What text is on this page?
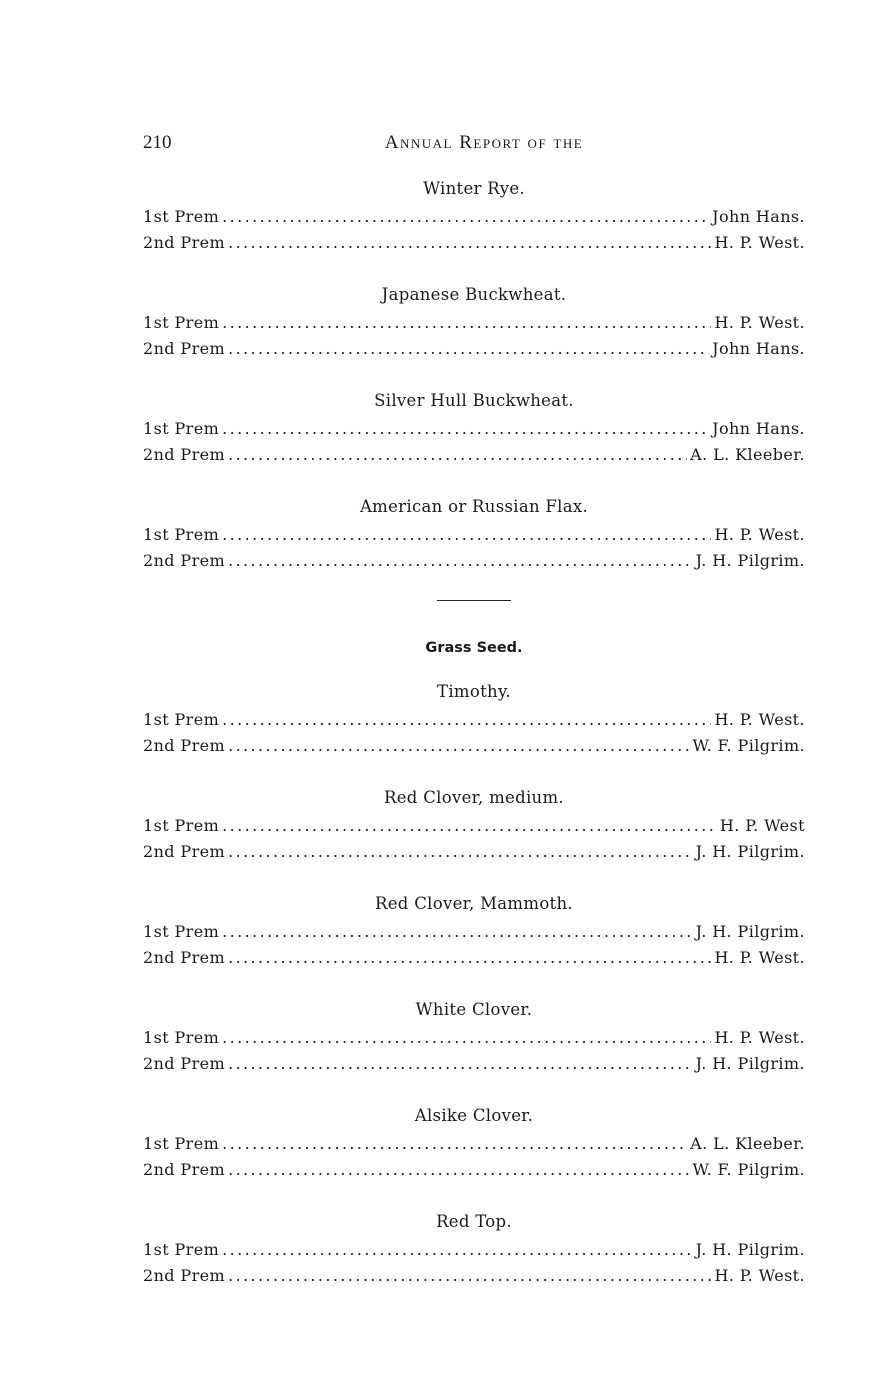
210	Annual Report of the
Winter Rye.
1st Prem .....	John Hans.
2nd Prem .....	H. P. West.
Japanese Buckwheat.
1st Prem .....	H. P. West.
2nd Prem .....	John Hans.
Silver Hull Buckwheat.
1st Prem .....	John Hans.
2nd Prem .....	A. L. Kleeber.
American or Russian Flax.
1st Prem .....	H. P. West.
2nd Prem .....	J. H. Pilgrim.
Grass Seed.
Timothy.
1st Prem .....	H. P. West.
2nd Prem .....	W. F. Pilgrim.
Red Clover, medium.
1st Prem .....	H. P. West
2nd Prem .....	J. H. Pilgrim.
Red Clover, Mammoth.
1st Prem .....	J. H. Pilgrim.
2nd Prem .....	H. P. West.
White Clover.
1st Prem .....	H. P. West.
2nd Prem .....	J. H. Pilgrim.
Alsike Clover.
1st Prem .....	A. L. Kleeber.
2nd Prem .....	W. F. Pilgrim.
Red Top.
1st Prem .....	J. H. Pilgrim.
2nd Prem .....	H. P. West.
